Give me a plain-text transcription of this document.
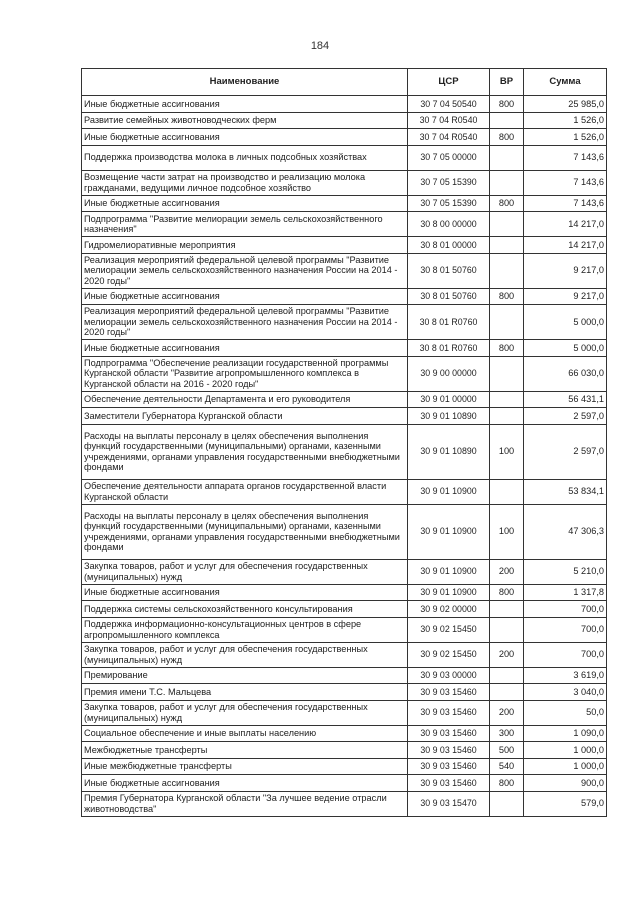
184
Наименование	ЦСР	ВР	Сумма
Иные бюджетные ассигнования	30 7 04 50540	800	25 985,0
Развитие семейных животноводческих ферм	30 7 04 R0540		1 526,0
Иные бюджетные ассигнования	30 7 04 R0540	800	1 526,0
Поддержка производства молока в личных подсобных хозяйствах	30 7 05 00000		7 143,6
Возмещение части затрат на производство и реализацию молока гражданами, ведущими личное подсобное хозяйство	30 7 05 15390		7 143,6
Иные бюджетные ассигнования	30 7 05 15390	800	7 143,6
Подпрограмма "Развитие мелиорации земель сельскохозяйственного назначения"	30 8 00 00000		14 217,0
Гидромелиоративные мероприятия	30 8 01 00000		14 217,0
Реализация мероприятий федеральной целевой программы "Развитие мелиорации земель сельскохозяйственного назначения России на 2014 - 2020 годы"	30 8 01 50760		9 217,0
Иные бюджетные ассигнования	30 8 01 50760	800	9 217,0
Реализация мероприятий федеральной целевой программы "Развитие мелиорации земель сельскохозяйственного назначения России на 2014 - 2020 годы"	30 8 01 R0760		5 000,0
Иные бюджетные ассигнования	30 8 01 R0760	800	5 000,0
Подпрограмма "Обеспечение реализации государственной программы Курганской области "Развитие агропромышленного комплекса в Курганской области на 2016 - 2020 годы"	30 9 00 00000		66 030,0
Обеспечение деятельности Департамента и его руководителя	30 9 01 00000		56 431,1
Заместители Губернатора Курганской области	30 9 01 10890		2 597,0
Расходы на выплаты персоналу в целях обеспечения выполнения функций государственными (муниципальными) органами, казенными учреждениями, органами управления государственными внебюджетными фондами	30 9 01 10890	100	2 597,0
Обеспечение деятельности аппарата органов государственной власти Курганской области	30 9 01 10900		53 834,1
Расходы на выплаты персоналу в целях обеспечения выполнения функций государственными (муниципальными) органами, казенными учреждениями, органами управления государственными внебюджетными фондами	30 9 01 10900	100	47 306,3
Закупка товаров, работ и услуг для обеспечения государственных (муниципальных) нужд	30 9 01 10900	200	5 210,0
Иные бюджетные ассигнования	30 9 01 10900	800	1 317,8
Поддержка системы сельскохозяйственного консультирования	30 9 02 00000		700,0
Поддержка информационно-консультационных центров в сфере агропромышленного комплекса	30 9 02 15450		700,0
Закупка товаров, работ и услуг для обеспечения государственных (муниципальных) нужд	30 9 02 15450	200	700,0
Премирование	30 9 03 00000		3 619,0
Премия имени Т.С. Мальцева	30 9 03 15460		3 040,0
Закупка товаров, работ и услуг для обеспечения государственных (муниципальных) нужд	30 9 03 15460	200	50,0
Социальное обеспечение и иные выплаты населению	30 9 03 15460	300	1 090,0
Межбюджетные трансферты	30 9 03 15460	500	1 000,0
Иные межбюджетные трансферты	30 9 03 15460	540	1 000,0
Иные бюджетные ассигнования	30 9 03 15460	800	900,0
Премия Губернатора Курганской области "За лучшее ведение отрасли животноводства"	30 9 03 15470		579,0
